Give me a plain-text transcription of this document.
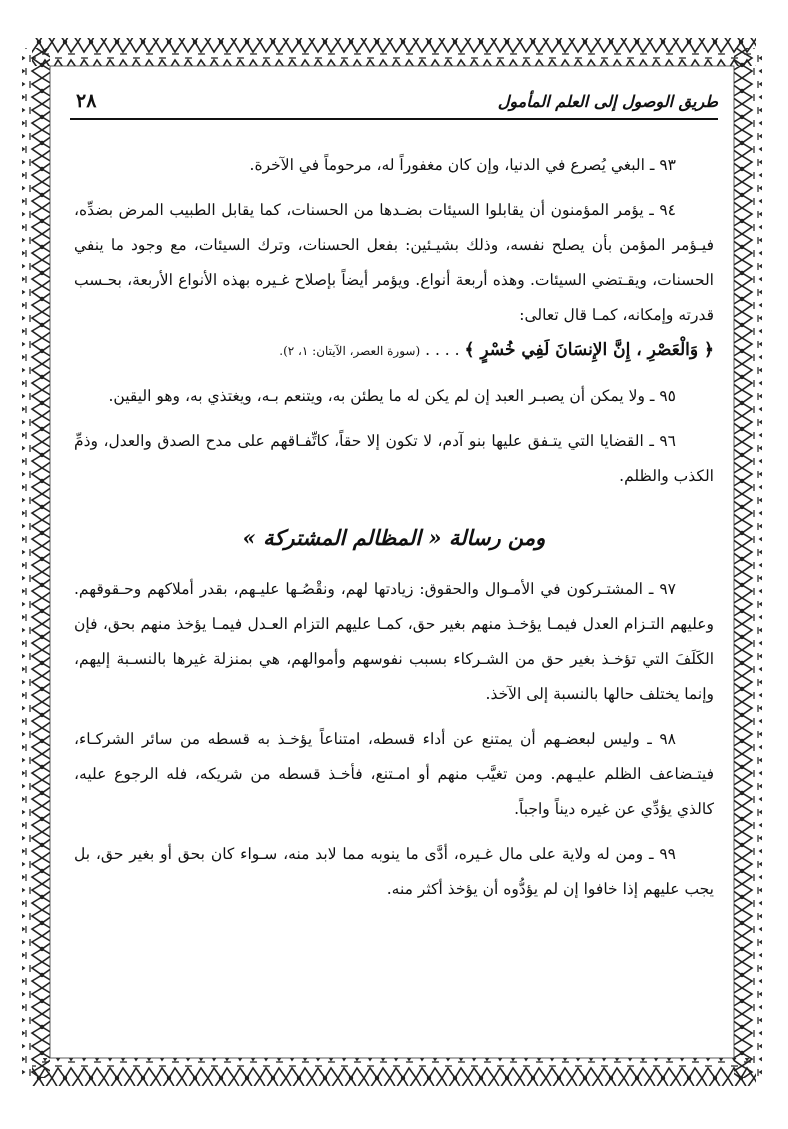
طريق الوصول إلى العلم المأمول
٢٨

٩٣ ـ البغي يُصرع في الدنيا، وإن كان مغفوراً له، مرحوماً في الآخرة.

٩٤ ـ يؤمر المؤمنون أن يقابلوا السيئات بضـدها من الحسنات، كما يقابل الطبيب المرض بضدِّه، فيـؤمر المؤمن بأن يصلح نفسه، وذلك بشيـئين: بفعل الحسنات، وترك السيئات، مع وجود ما ينفي الحسنات، ويقـتضي السيئات. وهذه أربعة أنواع. ويؤمر أيضاً بإصلاح غـيره بهذه الأنواع الأربعة، بحـسب قدرته وإمكانه، كمـا قال تعالى:
﴿ وَالْعَصْرِ ، إِنَّ الإِنسَانَ لَفِي خُسْرٍ ﴾ . . . . (سورة العصر، الآيتان: ١، ٢).

٩٥ ـ ولا يمكن أن يصبـر العبد إن لم يكن له ما يطئن به، ويتنعم بـه، ويغتذي به، وهو اليقين.

٩٦ ـ القضايا التي يتـفق عليها بنو آدم، لا تكون إلا حقاً، كاتِّفـاقهم على مدح الصدق والعدل، وذمِّ الكذب والظلم.

ومن رسالة « المظالم المشتركة »

٩٧ ـ المشتـركون في الأمـوال والحقوق: زيادتها لهم، ونقْصُـها عليـهم، بقدر أملاكهم وحـقوقهم. وعليهم التـزام العدل فيمـا يؤخـذ منهم بغير حق، كمـا عليهم التزام العـدل فيمـا يؤخذ منهم بحق، فإن الكَلَفَ التي تؤخـذ بغير حق من الشـركاء بسبب نفوسهم وأموالهم، هي بمنزلة غيرها بالنسـبة إليهم، وإنما يختلف حالها بالنسبة إلى الآخذ.

٩٨ ـ وليس لبعضـهم أن يمتنع عن أداء قسطه، امتناعاً يؤخـذ به قسطه من سائر الشركـاء، فيتـضاعف الظلم عليـهم. ومن تغيَّب منهم أو امـتنع، فأخـذ قسطه من شريكه، فله الرجوع عليه، كالذي يؤدِّي عن غيره ديناً واجباً.

٩٩ ـ ومن له ولاية على مال غـيره، أدَّى ما ينوبه مما لابد منه، سـواء كان بحق أو بغير حق، بل يجب عليهم إذا خافوا إن لم يؤدُّوه أن يؤخذ أكثر منه.
